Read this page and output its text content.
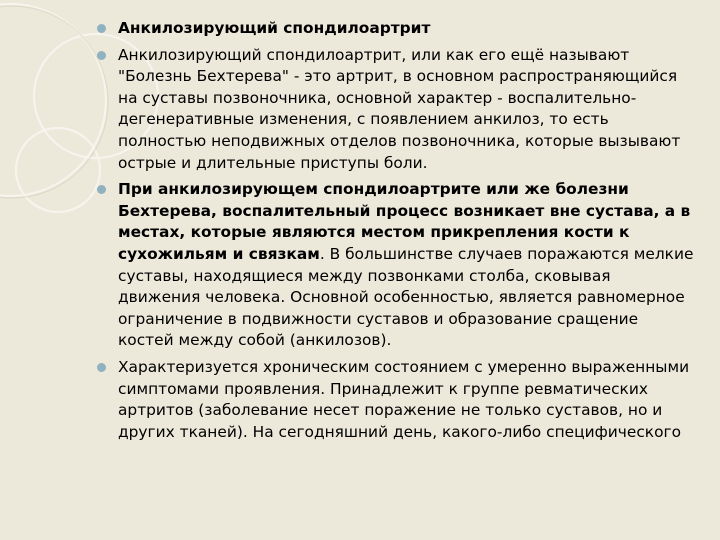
Анкилозирующий спондилоартрит
Анкилозирующий спондилоартрит, или как его ещё называют "Болезнь Бехтерева" - это артрит, в основном распространяющийся на суставы позвоночника, основной характер - воспалительно-дегенеративные изменения, с появлением анкилоз, то есть полностью неподвижных отделов позвоночника, которые вызывают острые и длительные приступы боли.
При анкилозирующем спондилоартрите или же болезни Бехтерева, воспалительный процесс возникает вне сустава, а в местах, которые являются местом прикрепления кости к сухожильям и связкам. В большинстве случаев поражаются мелкие суставы, находящиеся между позвонками столба, сковывая движения человека. Основной особенностью, является равномерное ограничение в подвижности суставов и образование сращение костей между собой (анкилозов).
Характеризуется хроническим состоянием с умеренно выраженными симптомами проявления. Принадлежит к группе ревматических артритов (заболевание несет поражение не только суставов, но и других тканей). На сегодняшний день, какого-либо специфического
